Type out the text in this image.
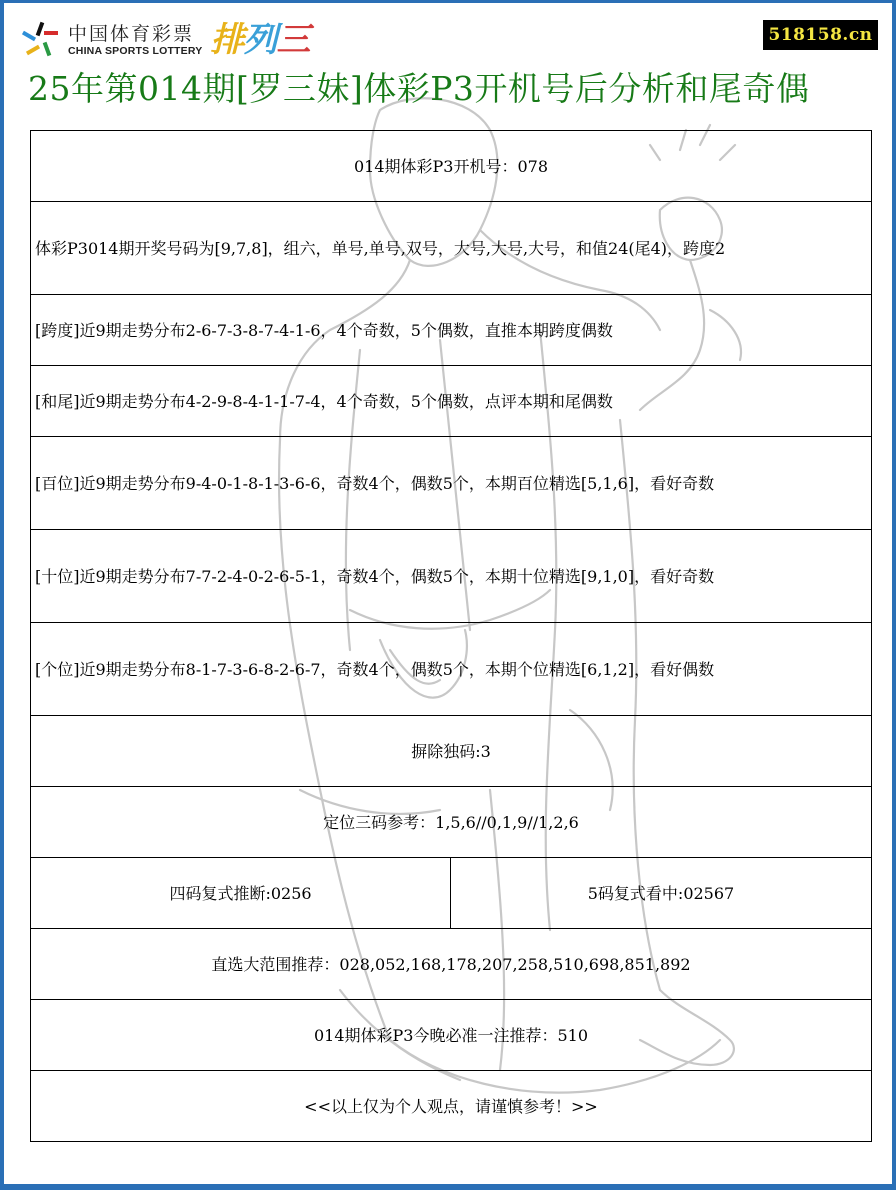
中国体育彩票
CHINA SPORTS LOTTERY 排列三	518158.cn
25年第014期[罗三妹]体彩P3开机号后分析和尾奇偶
014期体彩P3开机号：078
体彩P3014期开奖号码为[9,7,8]，组六，单号,单号,双号，大号,大号,大号，和值24(尾4)，跨度2
[跨度]近9期走势分布2-6-7-3-8-7-4-1-6，4个奇数，5个偶数，直推本期跨度偶数
[和尾]近9期走势分布4-2-9-8-4-1-1-7-4，4个奇数，5个偶数，点评本期和尾偶数
[百位]近9期走势分布9-4-0-1-8-1-3-6-6，奇数4个，偶数5个，本期百位精选[5,1,6]，看好奇数
[十位]近9期走势分布7-7-2-4-0-2-6-5-1，奇数4个，偶数5个，本期十位精选[9,1,0]，看好奇数
[个位]近9期走势分布8-1-7-3-6-8-2-6-7，奇数4个，偶数5个，本期个位精选[6,1,2]，看好偶数
摒除独码:3
定位三码参考：1,5,6//0,1,9//1,2,6
四码复式推断:0256	5码复式看中:02567
直选大范围推荐：028,052,168,178,207,258,510,698,851,892
014期体彩P3今晚必准一注推荐：510
<<以上仅为个人观点，请谨慎参考！>>
